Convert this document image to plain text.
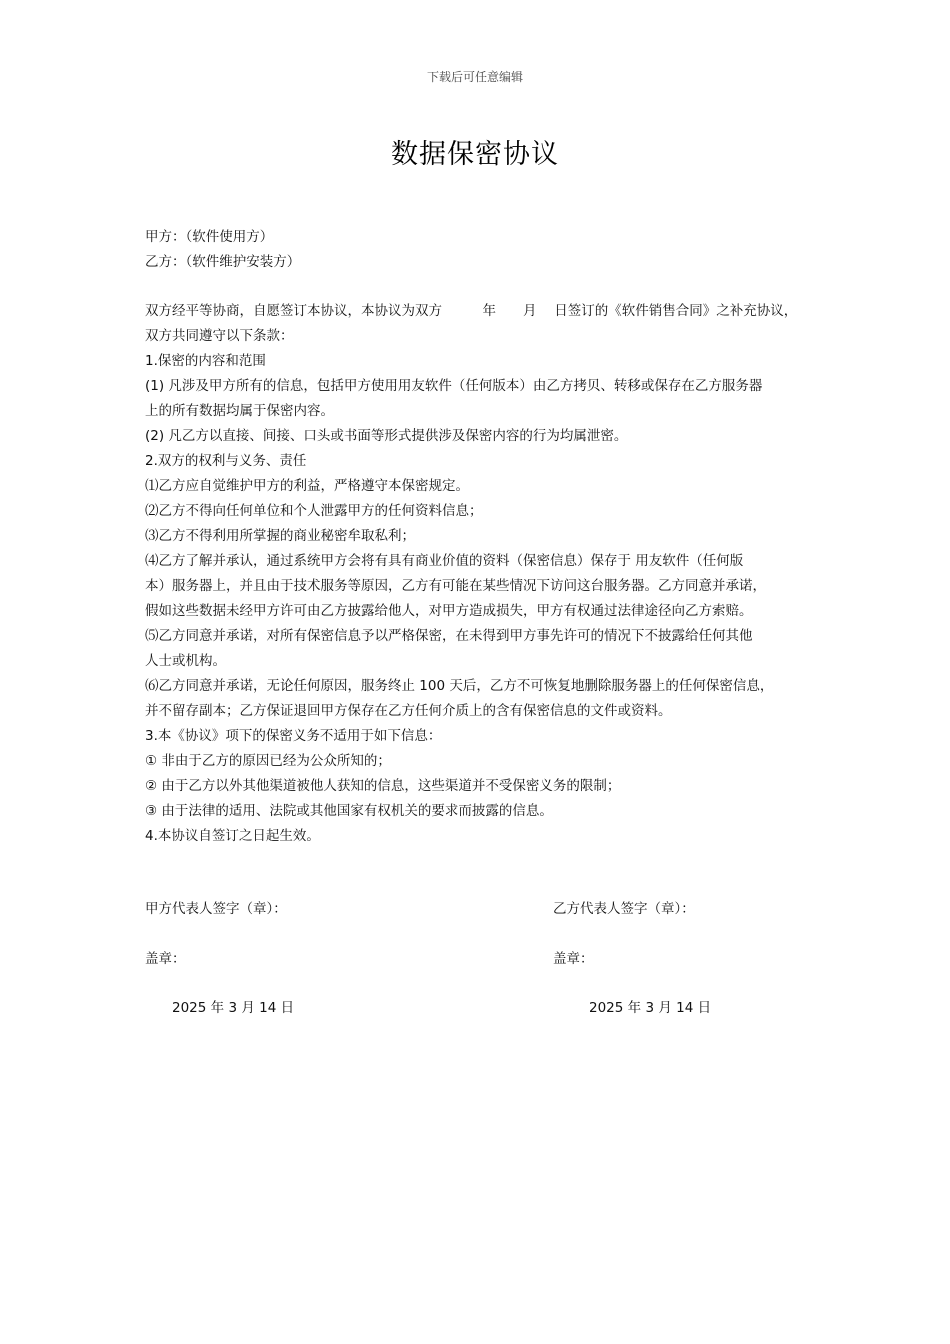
下载后可任意编辑
数据保密协议
甲方：（软件使用方）
乙方：（软件维护安装方）
双方经平等协商，自愿签订本协议，本协议为双方　　　年　　月　 日签订的《软件销售合同》之补充协议，
双方共同遵守以下条款：
1.保密的内容和范围
(1) 凡涉及甲方所有的信息，包括甲方使用用友软件（任何版本）由乙方拷贝、转移或保存在乙方服务器
上的所有数据均属于保密内容。
(2) 凡乙方以直接、间接、口头或书面等形式提供涉及保密内容的行为均属泄密。
2.双方的权利与义务、责任
⑴乙方应自觉维护甲方的利益，严格遵守本保密规定。
⑵乙方不得向任何单位和个人泄露甲方的任何资料信息；
⑶乙方不得利用所掌握的商业秘密牟取私利；
⑷乙方了解并承认，通过系统甲方会将有具有商业价值的资料（保密信息）保存于 用友软件（任何版
本）服务器上，并且由于技术服务等原因，乙方有可能在某些情况下访问这台服务器。乙方同意并承诺，
假如这些数据未经甲方许可由乙方披露给他人，对甲方造成损失，甲方有权通过法律途径向乙方索赔。
⑸乙方同意并承诺，对所有保密信息予以严格保密，在未得到甲方事先许可的情况下不披露给任何其他
人士或机构。
⑹乙方同意并承诺，无论任何原因，服务终止 100 天后，乙方不可恢复地删除服务器上的任何保密信息，
并不留存副本；乙方保证退回甲方保存在乙方任何介质上的含有保密信息的文件或资料。
3.本《协议》项下的保密义务不适用于如下信息：
① 非由于乙方的原因已经为公众所知的；
② 由于乙方以外其他渠道被他人获知的信息，这些渠道并不受保密义务的限制；
③ 由于法律的适用、法院或其他国家有权机关的要求而披露的信息。
4.本协议自签订之日起生效。
甲方代表人签字（章）：	乙方代表人签字（章）：
盖章：	盖章：
2025 年 3 月 14 日	2025 年 3 月 14 日
